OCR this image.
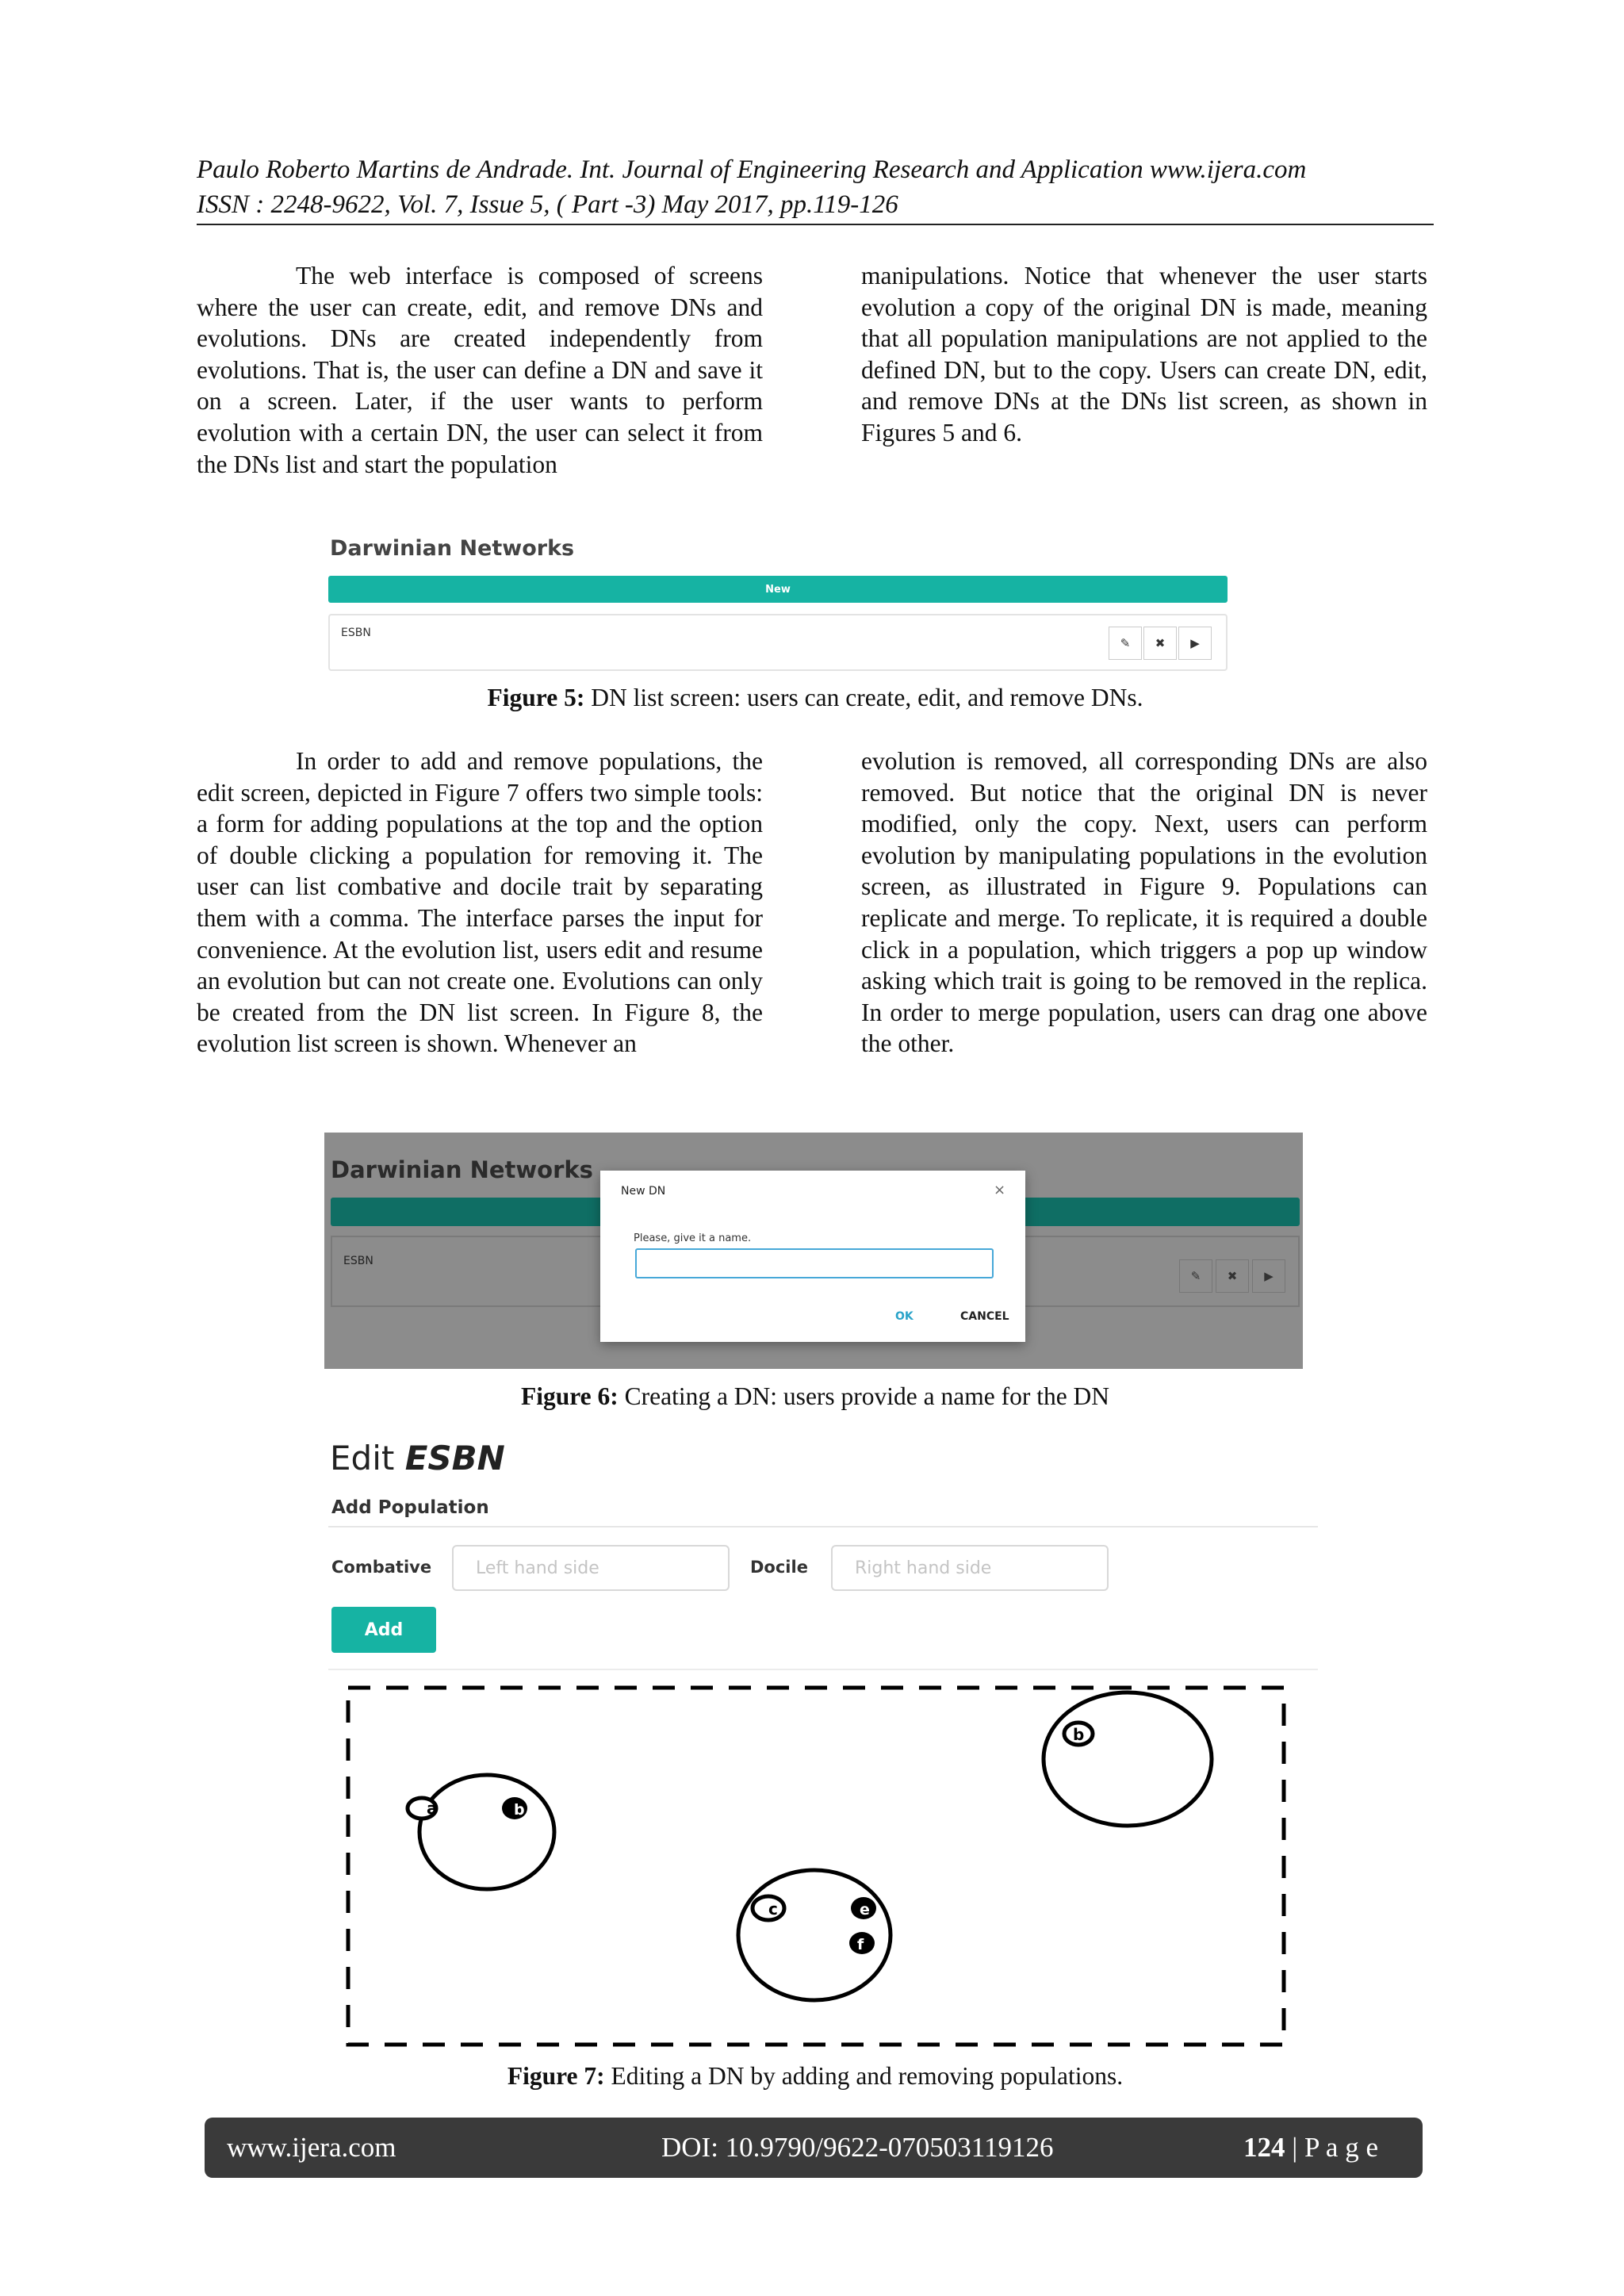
Paulo Roberto Martins de Andrade. Int. Journal of Engineering Research and Application www.ijera.com
ISSN : 2248-9622, Vol. 7, Issue 5, ( Part -3) May 2017, pp.119-126

The web interface is composed of screens where the user can create, edit, and remove DNs and evolutions. DNs are created independently from evolutions. That is, the user can define a DN and save it on a screen. Later, if the user wants to perform evolution with a certain DN, the user can select it from the DNs list and start the population

manipulations. Notice that whenever the user starts evolution a copy of the original DN is made, meaning that all population manipulations are not applied to the defined DN, but to the copy. Users can create DN, edit, and remove DNs at the DNs list screen, as shown in Figures 5 and 6.

Darwinian Networks
New
ESBN
✎	✖	▶
Figure 5: DN list screen: users can create, edit, and remove DNs.

In order to add and remove populations, the edit screen, depicted in Figure 7 offers two simple tools: a form for adding populations at the top and the option of double clicking a population for removing it. The user can list combative and docile trait by separating them with a comma. The interface parses the input for convenience. At the evolution list, users edit and resume an evolution but can not create one. Evolutions can only be created from the DN list screen. In Figure 8, the evolution list screen is shown. Whenever an

evolution is removed, all corresponding DNs are also removed. But notice that the original DN is never modified, only the copy. Next, users can perform evolution by manipulating populations in the evolution screen, as illustrated in Figure 9. Populations can replicate and merge. To replicate, it is required a double click in a population, which triggers a pop up window asking which trait is going to be removed in the replica. In order to merge population, users can drag one above the other.

Darwinian Networks
ESBN
✎	✖	▶
New DN	×
Please, give it a name.
OK	CANCEL
Figure 6: Creating a DN: users provide a name for the DN
Edit ESBN
Add Population
Combative	Left hand side	Docile	Right hand side
Add
a	b
c	e
f
b
Figure 7: Editing a DN by adding and removing populations.
www.ijera.com	DOI: 10.9790/9622-070503119126	124 | P a g e
